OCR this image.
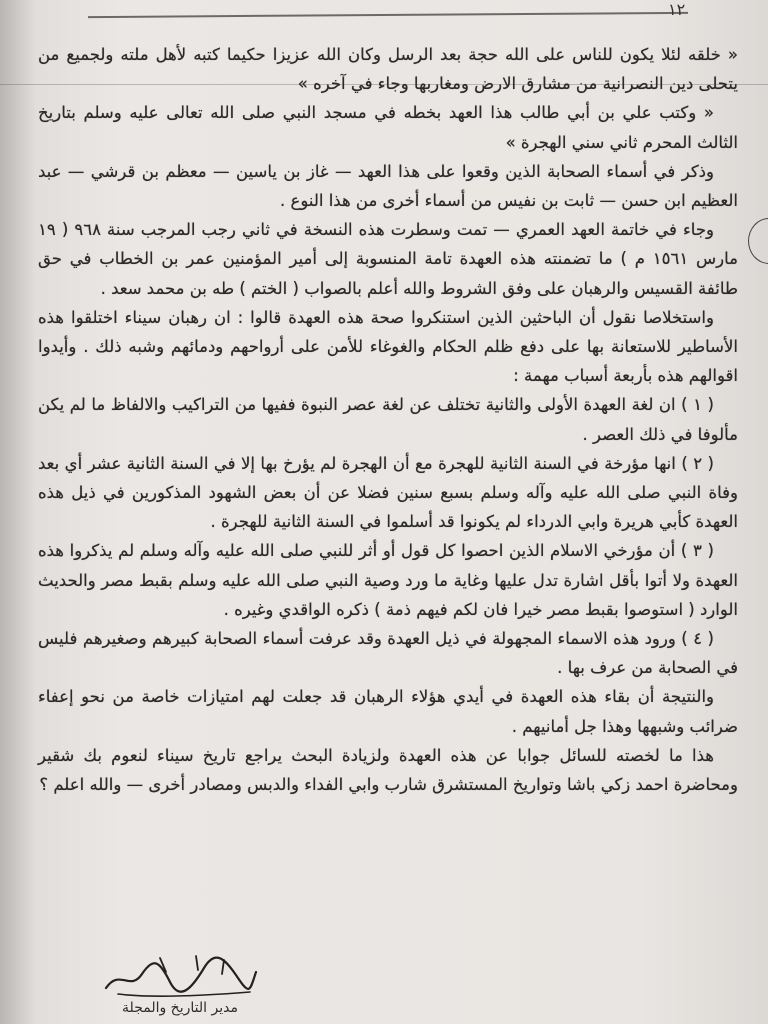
١٢

« خلقه لئلا يكون للناس على الله حجة بعد الرسل وكان الله عزيزا حكيما كتبه لأهل ملته ولجميع من يتحلى دين النصرانية من مشارق الارض ومغاربها وجاء في آخره »

« وكتب علي بن أبي طالب هذا العهد بخطه في مسجد النبي صلى الله تعالى عليه وسلم بتاريخ الثالث المحرم ثاني سني الهجرة »

وذكر في أسماء الصحابة الذين وقعوا على هذا العهد — غاز بن ياسين — معظم بن قرشي — عبد العظيم ابن حسن — ثابت بن نفيس من أسماء أخرى من هذا النوع .

وجاء في خاتمة العهد العمري — تمت وسطرت هذه النسخة في ثاني رجب المرجب سنة ٩٦٨ ( ١٩ مارس ١٥٦١ م ) ما تضمنته هذه العهدة تامة المنسوبة إلى أمير المؤمنين عمر بن الخطاب في حق طائفة القسيس والرهبان على وفق الشروط والله أعلم بالصواب ( الختم ) طه بن محمد سعد .

واستخلاصا نقول أن الباحثين الذين استنكروا صحة هذه العهدة قالوا : ان رهبان سيناء اختلقوا هذه الأساطير للاستعانة بها على دفع ظلم الحكام والغوغاء للأمن على أرواحهم ودمائهم وشبه ذلك . وأيدوا اقوالهم هذه بأربعة أسباب مهمة :

( ١ ) ان لغة العهدة الأولى والثانية تختلف عن لغة عصر النبوة ففيها من التراكيب والالفاظ ما لم يكن مألوفا في ذلك العصر .

( ٢ ) انها مؤرخة في السنة الثانية للهجرة مع أن الهجرة لم يؤرخ بها إلا في السنة الثانية عشر أي بعد وفاة النبي صلى الله عليه وآله وسلم بسبع سنين فضلا عن أن بعض الشهود المذكورين في ذيل هذه العهدة كأبي هريرة وابي الدرداء لم يكونوا قد أسلموا في السنة الثانية للهجرة .

( ٣ ) أن مؤرخي الاسلام الذين احصوا كل قول أو أثر للنبي صلى الله عليه وآله وسلم لم يذكروا هذه العهدة ولا أتوا بأقل اشارة تدل عليها وغاية ما ورد وصية النبي صلى الله عليه وسلم بقبط مصر والحديث الوارد ( استوصوا بقبط مصر خيرا فان لكم فيهم ذمة ) ذكره الواقدي وغيره .

( ٤ ) ورود هذه الاسماء المجهولة في ذيل العهدة وقد عرفت أسماء الصحابة كبيرهم وصغيرهم فليس في الصحابة من عرف بها .

والنتيجة أن بقاء هذه العهدة في أيدي هؤلاء الرهبان قد جعلت لهم امتيازات خاصة من نحو إعفاء ضرائب وشبهها وهذا جل أمانيهم .

هذا ما لخصته للسائل جوابا عن هذه العهدة ولزيادة البحث يراجع تاريخ سيناء لنعوم بك شقير ومحاضرة احمد زكي باشا وتواريخ المستشرق شارب وابي الفداء والدبس ومصادر أخرى — والله اعلم ؟

مدير التاريخ والمجلة
